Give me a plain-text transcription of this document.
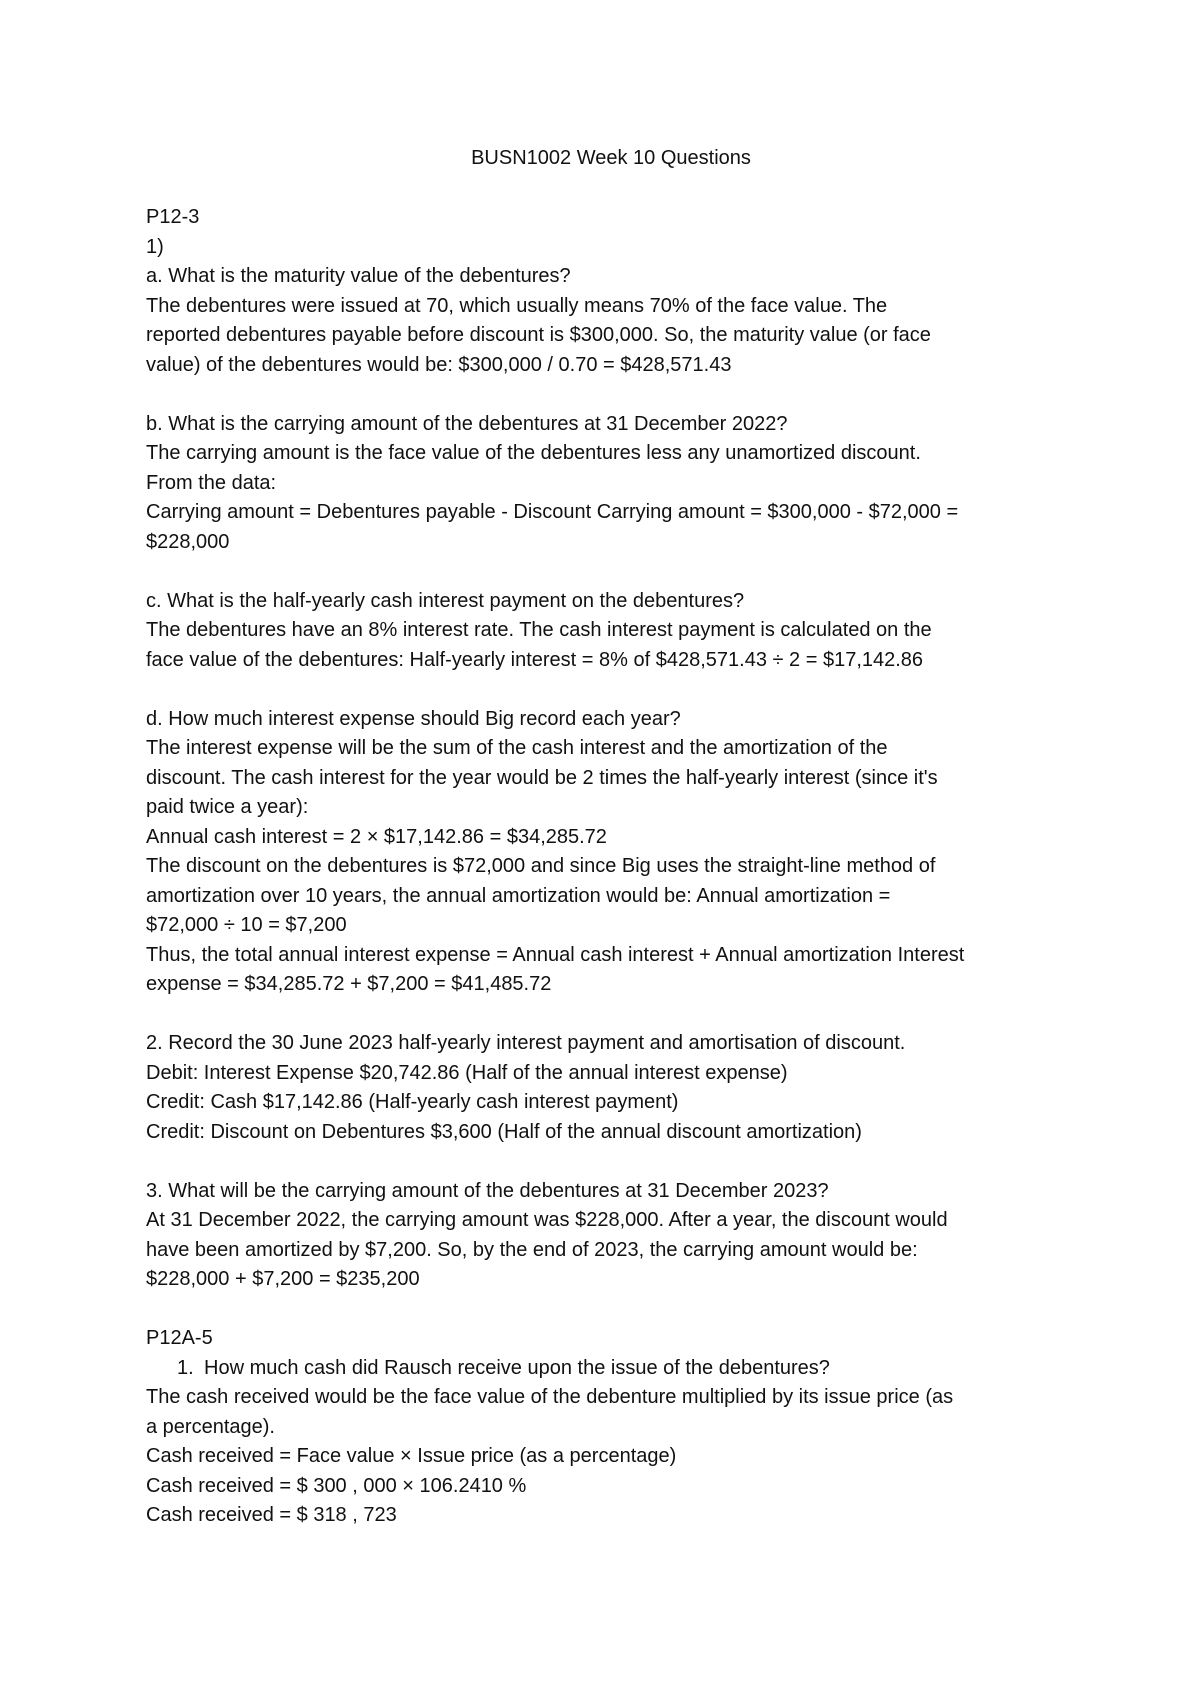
BUSN1002 Week 10 Questions

P12-3

1)

a. What is the maturity value of the debentures?

The debentures were issued at 70, which usually means 70% of the face value. The

reported debentures payable before discount is $300,000. So, the maturity value (or face

value) of the debentures would be: $300,000 / 0.70 = $428,571.43

b. What is the carrying amount of the debentures at 31 December 2022?

The carrying amount is the face value of the debentures less any unamortized discount.

From the data:

Carrying amount = Debentures payable - Discount Carrying amount = $300,000 - $72,000 =

$228,000

c. What is the half-yearly cash interest payment on the debentures?

The debentures have an 8% interest rate. The cash interest payment is calculated on the

face value of the debentures: Half-yearly interest = 8% of $428,571.43 ÷ 2 = $17,142.86

d. How much interest expense should Big record each year?

The interest expense will be the sum of the cash interest and the amortization of the

discount. The cash interest for the year would be 2 times the half-yearly interest (since it's

paid twice a year):

Annual cash interest = 2 × $17,142.86 = $34,285.72

The discount on the debentures is $72,000 and since Big uses the straight-line method of

amortization over 10 years, the annual amortization would be: Annual amortization =

$72,000 ÷ 10 = $7,200

Thus, the total annual interest expense = Annual cash interest + Annual amortization Interest

expense = $34,285.72 + $7,200 = $41,485.72

2. Record the 30 June 2023 half-yearly interest payment and amortisation of discount.

Debit: Interest Expense $20,742.86 (Half of the annual interest expense)

Credit: Cash $17,142.86 (Half-yearly cash interest payment)

Credit: Discount on Debentures $3,600 (Half of the annual discount amortization)

3. What will be the carrying amount of the debentures at 31 December 2023?

At 31 December 2022, the carrying amount was $228,000. After a year, the discount would

have been amortized by $7,200. So, by the end of 2023, the carrying amount would be:

$228,000 + $7,200 = $235,200

P12A-5

1. How much cash did Rausch receive upon the issue of the debentures?

The cash received would be the face value of the debenture multiplied by its issue price (as

a percentage).

Cash received = Face value × Issue price (as a percentage)

Cash received = $ 300 , 000 × 106.2410 %

Cash received = $ 318 , 723
